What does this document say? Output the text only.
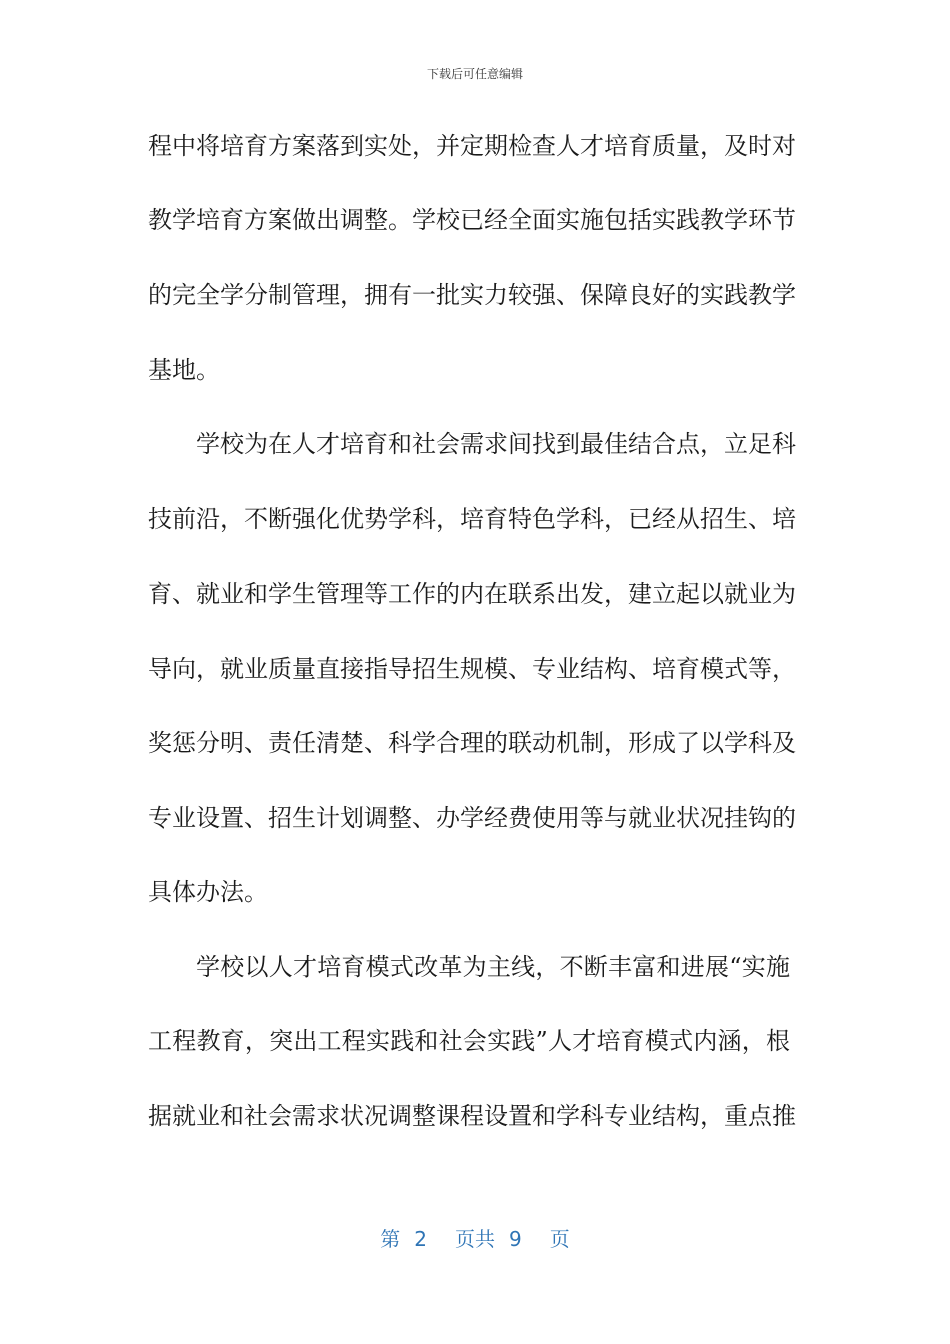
下载后可任意编辑
程中将培育方案落到实处，并定期检查人才培育质量，及时对
教学培育方案做出调整。学校已经全面实施包括实践教学环节
的完全学分制管理，拥有一批实力较强、保障良好的实践教学
基地。
学校为在人才培育和社会需求间找到最佳结合点，立足科
技前沿，不断强化优势学科，培育特色学科，已经从招生、培
育、就业和学生管理等工作的内在联系出发，建立起以就业为
导向，就业质量直接指导招生规模、专业结构、培育模式等，
奖惩分明、责任清楚、科学合理的联动机制，形成了以学科及
专业设置、招生计划调整、办学经费使用等与就业状况挂钩的
具体办法。
学校以人才培育模式改革为主线，不断丰富和进展“实施
工程教育，突出工程实践和社会实践”人才培育模式内涵，根
据就业和社会需求状况调整课程设置和学科专业结构，重点推
第 2 页共 9 页
